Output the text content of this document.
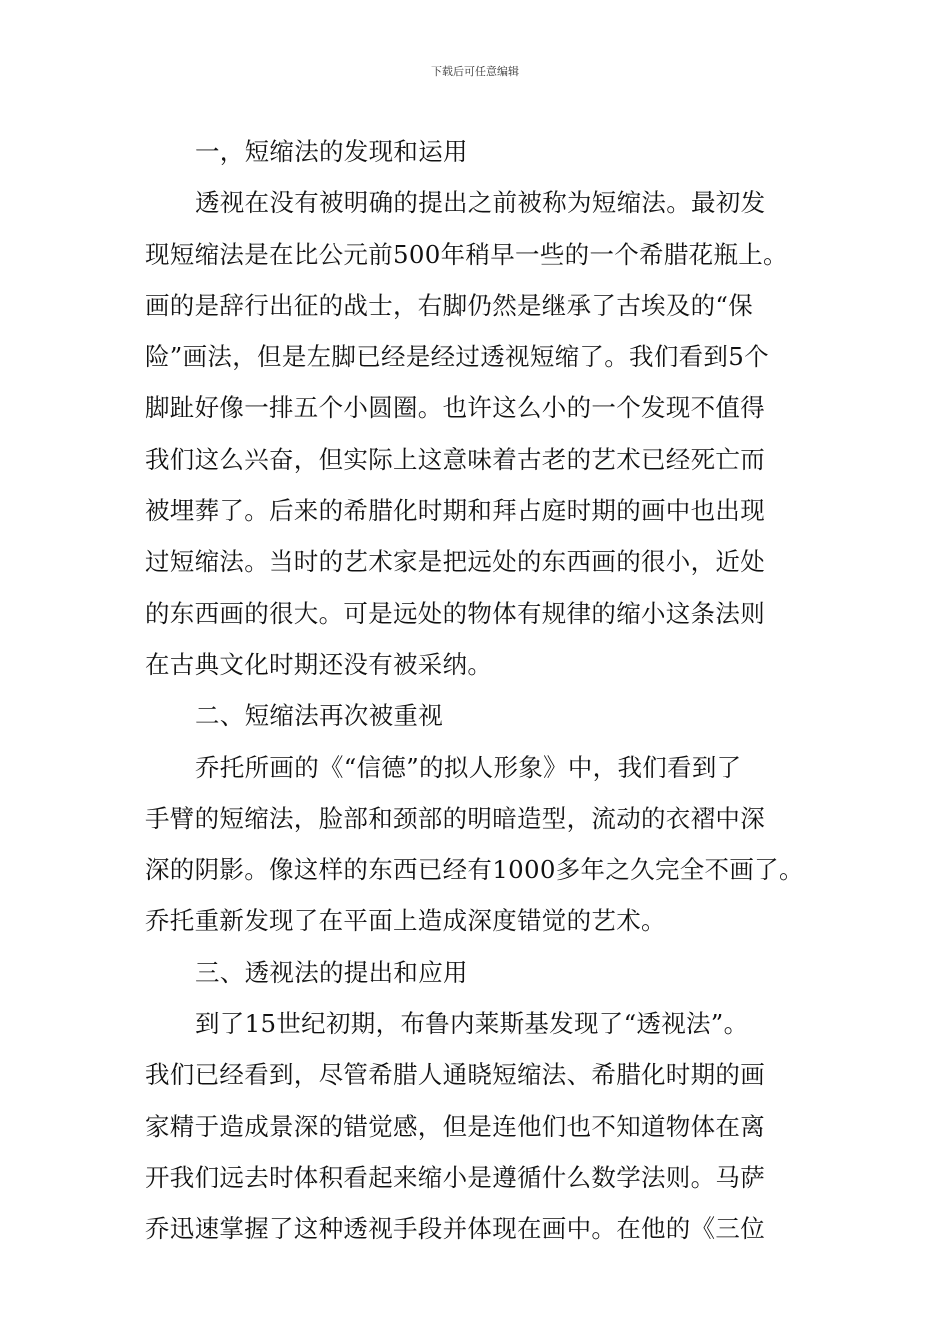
下载后可任意编辑
一，短缩法的发现和运用
透视在没有被明确的提出之前被称为短缩法。最初发
现短缩法是在比公元前500年稍早一些的一个希腊花瓶上。
画的是辞行出征的战士，右脚仍然是继承了古埃及的“保
险”画法，但是左脚已经是经过透视短缩了。我们看到5个
脚趾好像一排五个小圆圈。也许这么小的一个发现不值得
我们这么兴奋，但实际上这意味着古老的艺术已经死亡而
被埋葬了。后来的希腊化时期和拜占庭时期的画中也出现
过短缩法。当时的艺术家是把远处的东西画的很小，近处
的东西画的很大。可是远处的物体有规律的缩小这条法则
在古典文化时期还没有被采纳。
二、短缩法再次被重视
乔托所画的《“信德”的拟人形象》中，我们看到了
手臂的短缩法，脸部和颈部的明暗造型，流动的衣褶中深
深的阴影。像这样的东西已经有1000多年之久完全不画了。
乔托重新发现了在平面上造成深度错觉的艺术。
三、透视法的提出和应用
到了15世纪初期，布鲁内莱斯基发现了“透视法”。
我们已经看到，尽管希腊人通晓短缩法、希腊化时期的画
家精于造成景深的错觉感，但是连他们也不知道物体在离
开我们远去时体积看起来缩小是遵循什么数学法则。马萨
乔迅速掌握了这种透视手段并体现在画中。在他的《三位
